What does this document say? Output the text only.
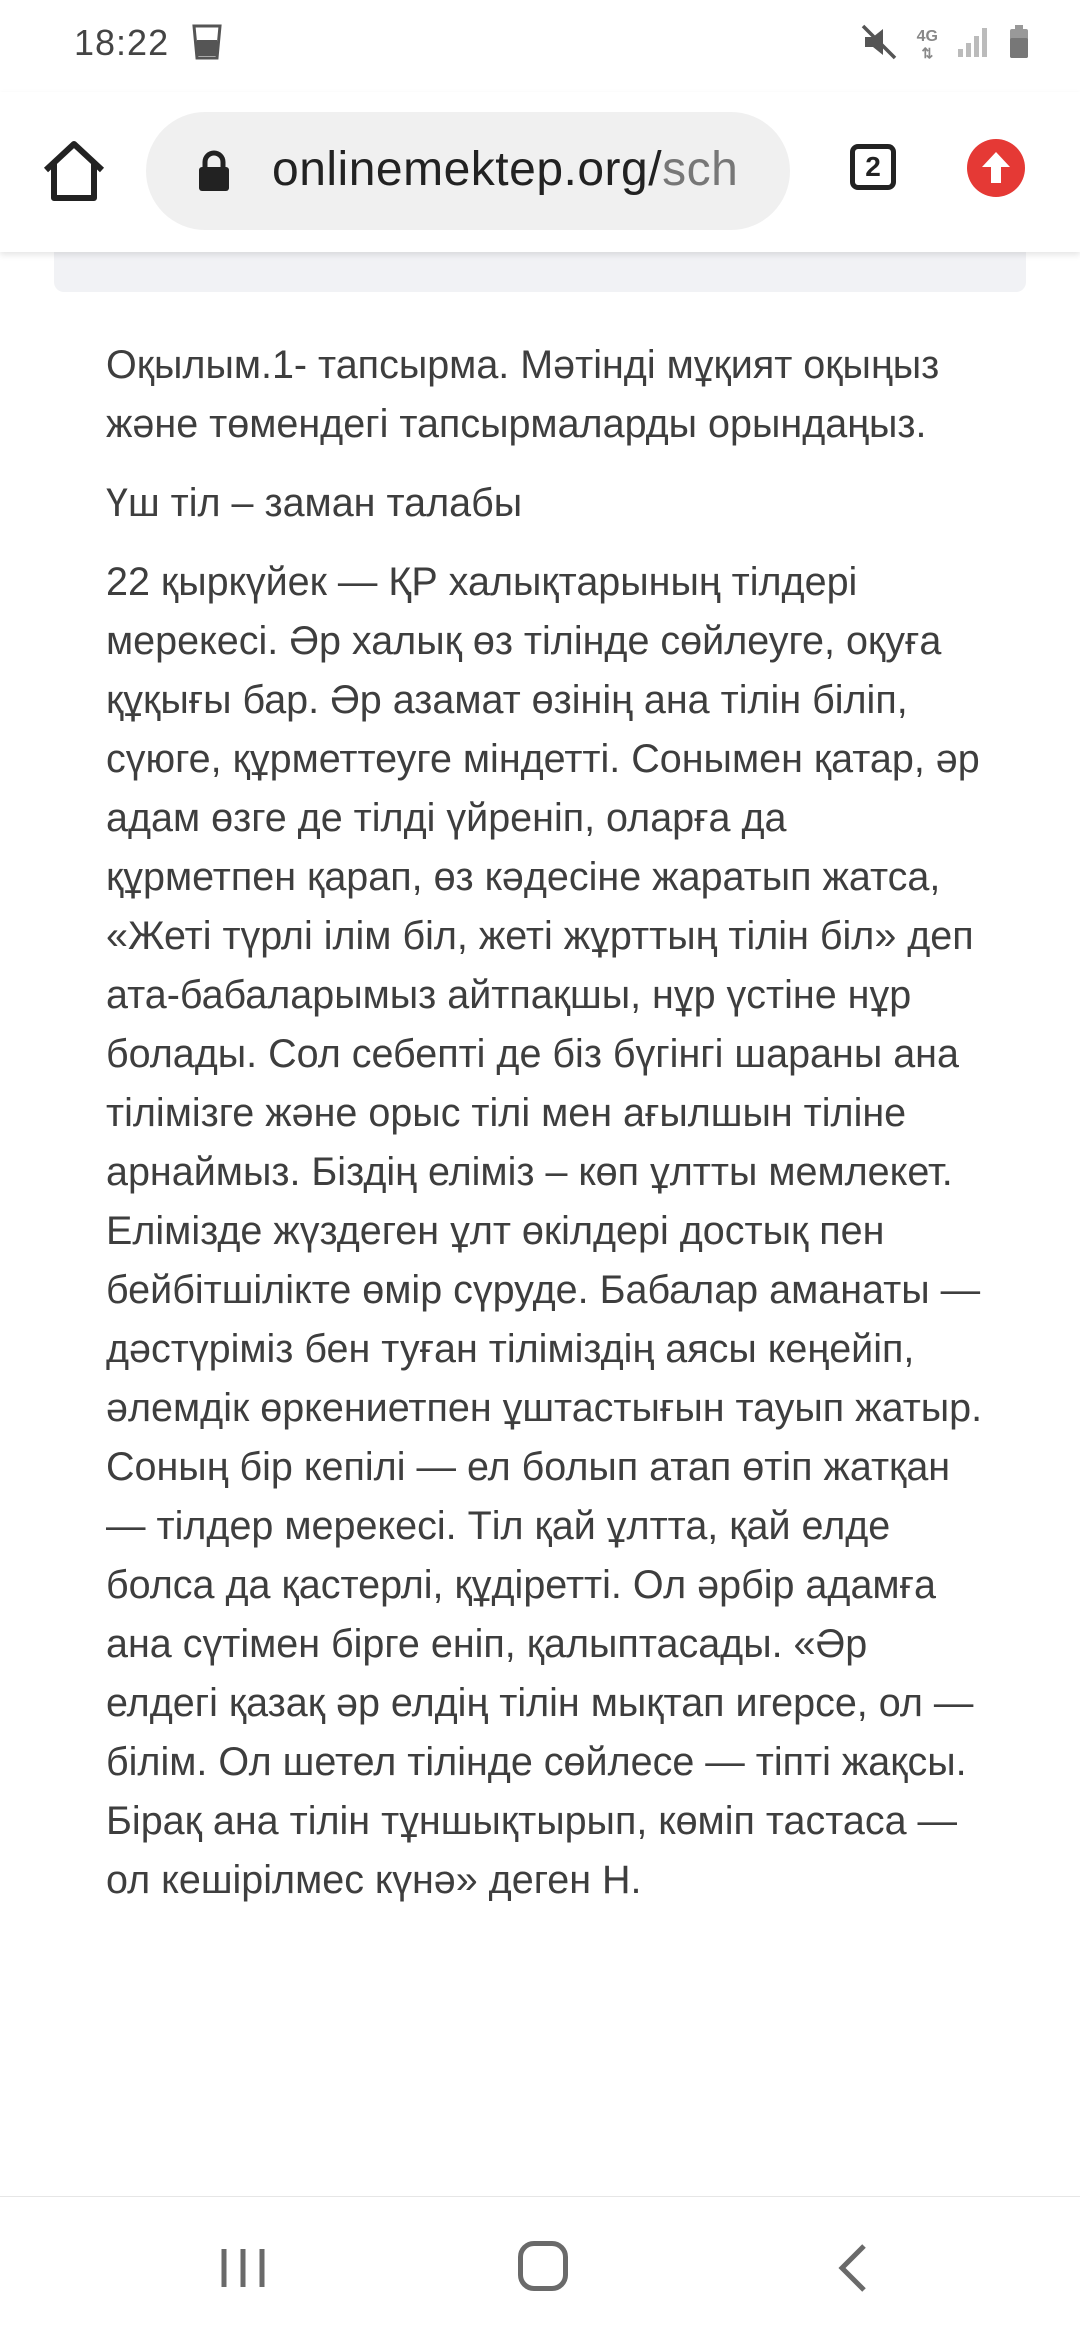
18:22	4G
⇅
onlinemektep.org/sch	2

Оқылым.1- тапсырма. Мәтінді мұқият оқыңыз және төмендегі тапсырмаларды орындаңыз.

Үш тіл – заман талабы

22 қыркүйек — ҚР халықтарының тілдері мерекесі. Әр халық өз тілінде сөйлеуге, оқуға құқығы бар. Әр азамат өзінің ана тілін біліп, сүюге, құрметтеуге міндетті. Сонымен қатар, әр адам өзге де тілді үйреніп, оларға да құрметпен қарап, өз кәдесіне жаратып жатса, «Жеті түрлі ілім біл, жеті жұрттың тілін біл» деп ата-бабаларымыз айтпақшы, нұр үстіне нұр болады. Сол себепті де біз бүгінгі шараны ана тілімізге және орыс тілі мен ағылшын тіліне арнаймыз. Біздің еліміз – көп ұлтты мемлекет. Елімізде жүздеген ұлт өкілдері достық пен бейбітшілікте өмір сүруде. Бабалар аманаты — дәстүріміз бен туған тіліміздің аясы кеңейіп, әлемдік өркениетпен ұштастығын тауып жатыр. Соның бір кепілі — ел болып атап өтіп жатқан — тілдер мерекесі. Тіл қай ұлтта, қай елде болса да қастерлі, құдіретті. Ол әрбір адамға ана сүтімен бірге еніп, қалыптасады. «Әр елдегі қазақ әр елдің тілін мықтап игерсе, ол — білім. Ол шетел тілінде сөйлесе — тіпті жақсы. Бірақ ана тілін тұншықтырып, көміп тастаса — ол кешірілмес күнә» деген Н.
